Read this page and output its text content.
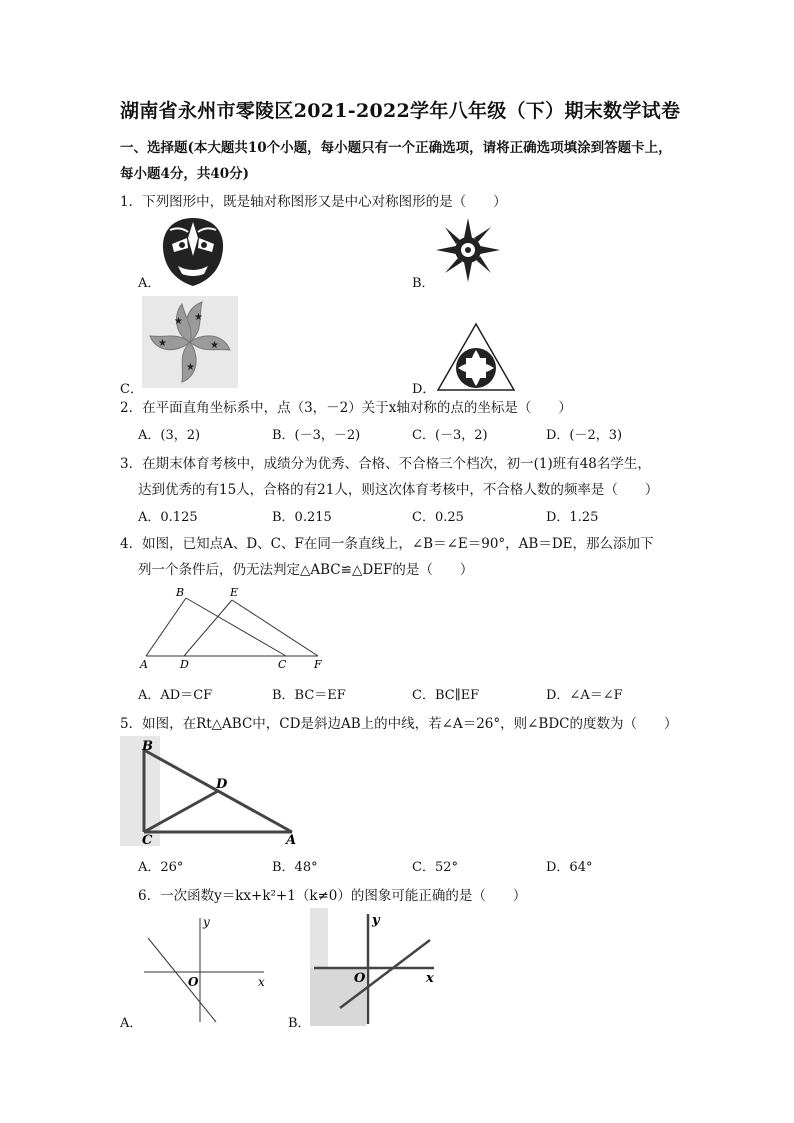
湖南省永州市零陵区2021-2022学年八年级（下）期末数学试卷
一、选择题(本大题共10个小题，每小题只有一个正确选项，请将正确选项填涂到答题卡上，
每小题4分，共40分)
1．下列图形中，既是轴对称图形又是中心对称图形的是（　　）
A．	B．
★
★
★
★
★
C．	D．
2．在平面直角坐标系中，点（3，－2）关于x轴对称的点的坐标是（　　）
A．(3，2)	B．(－3，－2)	C．(－3，2)	D．(－2，3)
3．在期末体育考核中，成绩分为优秀、合格、不合格三个档次，初一(1)班有48名学生，
达到优秀的有15人，合格的有21人，则这次体育考核中，不合格人数的频率是（　　）
A．0.125	B．0.215	C．0.25	D．1.25
4．如图，已知点A、D、C、F在同一条直线上，∠B＝∠E＝90°，AB＝DE，那么添加下
列一个条件后，仍无法判定△ABC≌△DEF的是（　　）
A	D	C	F
B	E
A．AD＝CF	B．BC＝EF	C．BC∥EF	D．∠A＝∠F
5．如图，在Rt△ABC中，CD是斜边AB上的中线，若∠A＝26°，则∠BDC的度数为（　　）
B
D
C	A
A．26°	B．48°	C．52°	D．64°
6．一次函数y＝kx+k²+1（k≠0）的图象可能正确的是（　　）
y
x
O
A．
y
x
O
B．
